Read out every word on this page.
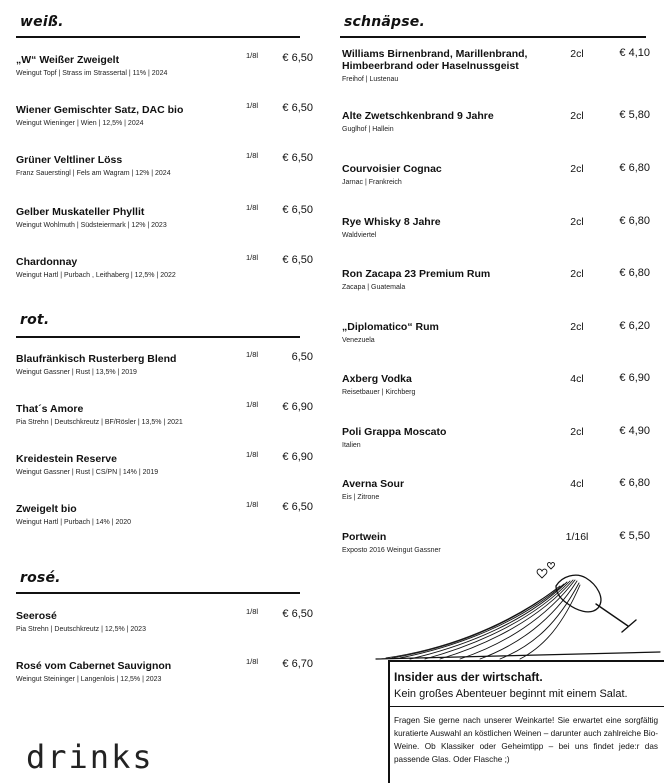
weiß.
„W“ Weißer Zweigelt
Weingut Topf | Strass im Strassertal | 11% | 2024
1/8l	€ 6,50
Wiener Gemischter Satz, DAC bio
Weingut Wieninger | Wien | 12,5% | 2024
1/8l	€ 6,50
Grüner Veltliner Löss
Franz Sauerstingl | Fels am Wagram | 12% | 2024
1/8l	€ 6,50
Gelber Muskateller Phyllit
Weingut Wohlmuth | Südsteiermark | 12% | 2023
1/8l	€ 6,50
Chardonnay
Weingut Hartl | Purbach , Leithaberg | 12,5% | 2022
1/8l	€ 6,50
rot.
Blaufränkisch Rusterberg Blend
Weingut Gassner | Rust | 13,5% | 2019
1/8l	6,50
That´s Amore
Pia Strehn | Deutschkreutz | BF/Rösler | 13,5% | 2021
1/8l	€ 6,90
Kreidestein Reserve
Weingut Gassner | Rust | CS/PN | 14% | 2019
1/8l	€ 6,90
Zweigelt bio
Weingut Hartl | Purbach | 14% | 2020
1/8l	€ 6,50
rosé.
Seerosé
Pia Strehn | Deutschkreutz | 12,5% | 2023
1/8l	€ 6,50
Rosé vom Cabernet Sauvignon
Weingut Steininger | Langenlois | 12,5% | 2023
1/8l	€ 6,70
drinks
schnäpse.
Williams Birnenbrand, Marillenbrand, Himbeerbrand oder Haselnussgeist
Freihof | Lustenau
2cl	€ 4,10
Alte Zwetschkenbrand 9 Jahre
Guglhof | Hallein
2cl	€ 5,80
Courvoisier Cognac
Jarnac | Frankreich
2cl	€ 6,80
Rye Whisky 8 Jahre
Waldviertel
2cl	€ 6,80
Ron Zacapa 23 Premium Rum
Zacapa | Guatemala
2cl	€ 6,80
„Diplomatico“ Rum
Venezuela
2cl	€ 6,20
Axberg Vodka
Reisetbauer | Kirchberg
4cl	€ 6,90
Poli Grappa Moscato
Italien
2cl	€ 4,90
Averna Sour
Eis | Zitrone
4cl	€ 6,80
Portwein
Exposto 2016 Weingut Gassner
1/16l	€ 5,50
Insider aus der wirtschaft.
Kein großes Abenteuer beginnt mit einem Salat.
Fragen Sie gerne nach unserer Weinkarte! Sie erwartet eine sorgfältig kuratierte Auswahl an köstlichen Weinen – darunter auch zahlreiche Bio-Weine. Ob Klassiker oder Geheimtipp – bei uns findet jede:r das passende Glas. Oder Flasche ;)
